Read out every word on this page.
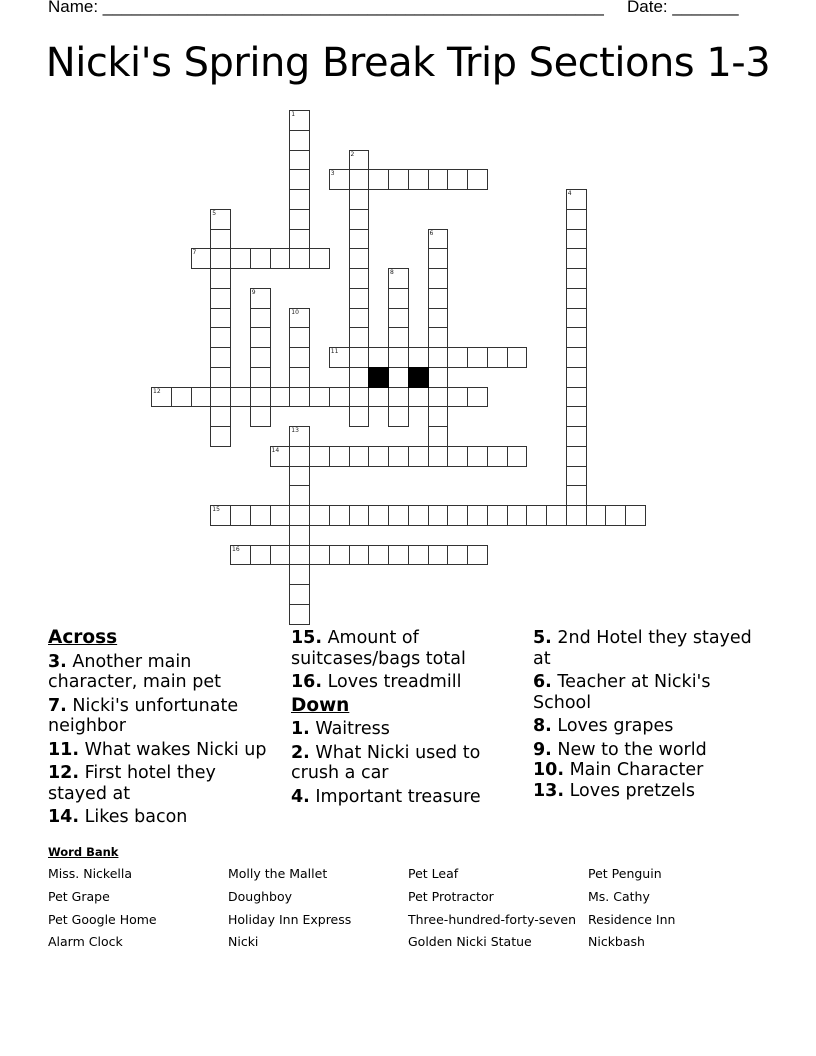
Name: _____________________________________________________ Date: _______
Nicki's Spring Break Trip Sections 1-3
1
2
3
4
5
6
7
8
9
10
11
12
13
14
15
16
Across
3. Another main character, main pet
7. Nicki's unfortunate neighbor
11. What wakes Nicki up
12. First hotel they stayed at
14. Likes bacon
15. Amount of suitcases/bags total
16. Loves treadmill
Down
1. Waitress
2. What Nicki used to crush a car
4. Important treasure
5. 2nd Hotel they stayed at
6. Teacher at Nicki's School
8. Loves grapes
9. New to the world
10. Main Character
13. Loves pretzels
Word Bank
Miss. Nickella
Pet Grape
Pet Google Home
Alarm Clock
Molly the Mallet
Doughboy
Holiday Inn Express
Nicki
Pet Leaf
Pet Protractor
Three-hundred-forty-seven
Golden Nicki Statue
Pet Penguin
Ms. Cathy
Residence Inn
Nickbash
